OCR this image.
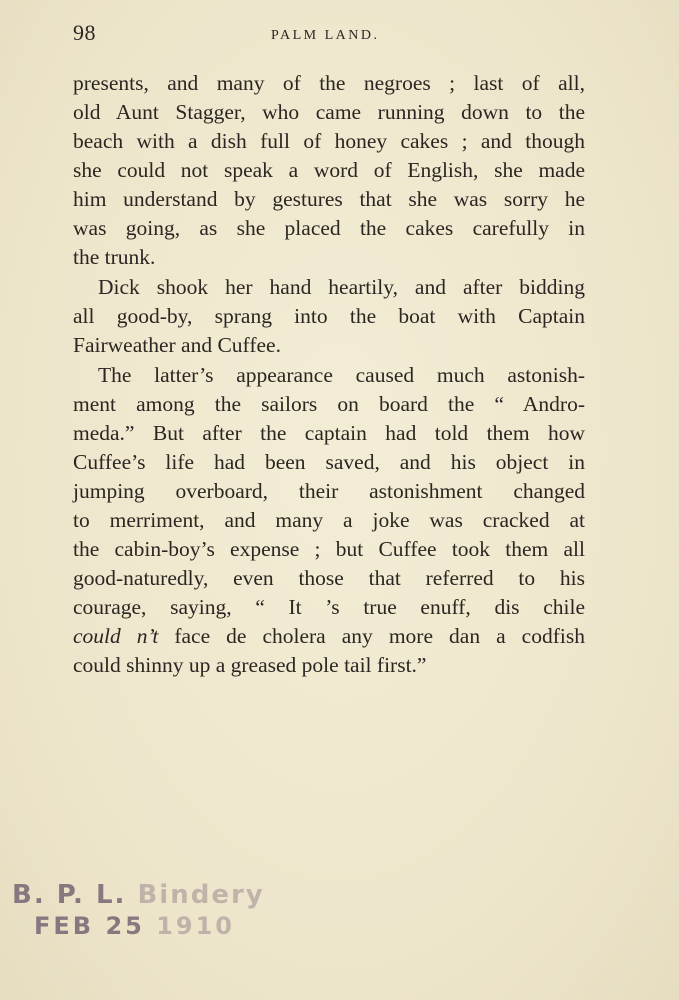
98	PALM LAND.
presents, and many of the negroes ; last of all,
old Aunt Stagger, who came running down to the
beach with a dish full of honey cakes ; and though
she could not speak a word of English, she made
him understand by gestures that she was sorry he
was going, as she placed the cakes carefully in
the trunk.
Dick shook her hand heartily, and after bidding
all good-by, sprang into the boat with Captain
Fairweather and Cuffee.
The latter’s appearance caused much astonish-
ment among the sailors on board the “ Andro-
meda.” But after the captain had told them how
Cuffee’s life had been saved, and his object in
jumping overboard, their astonishment changed
to merriment, and many a joke was cracked at
the cabin-boy’s expense ; but Cuffee took them all
good-naturedly, even those that referred to his
courage, saying, “ It ’s true enuff, dis chile
could n’t face de cholera any more dan a codfish
could shinny up a greased pole tail first.”
B. P. L. Bindery
FEB 25 1910
